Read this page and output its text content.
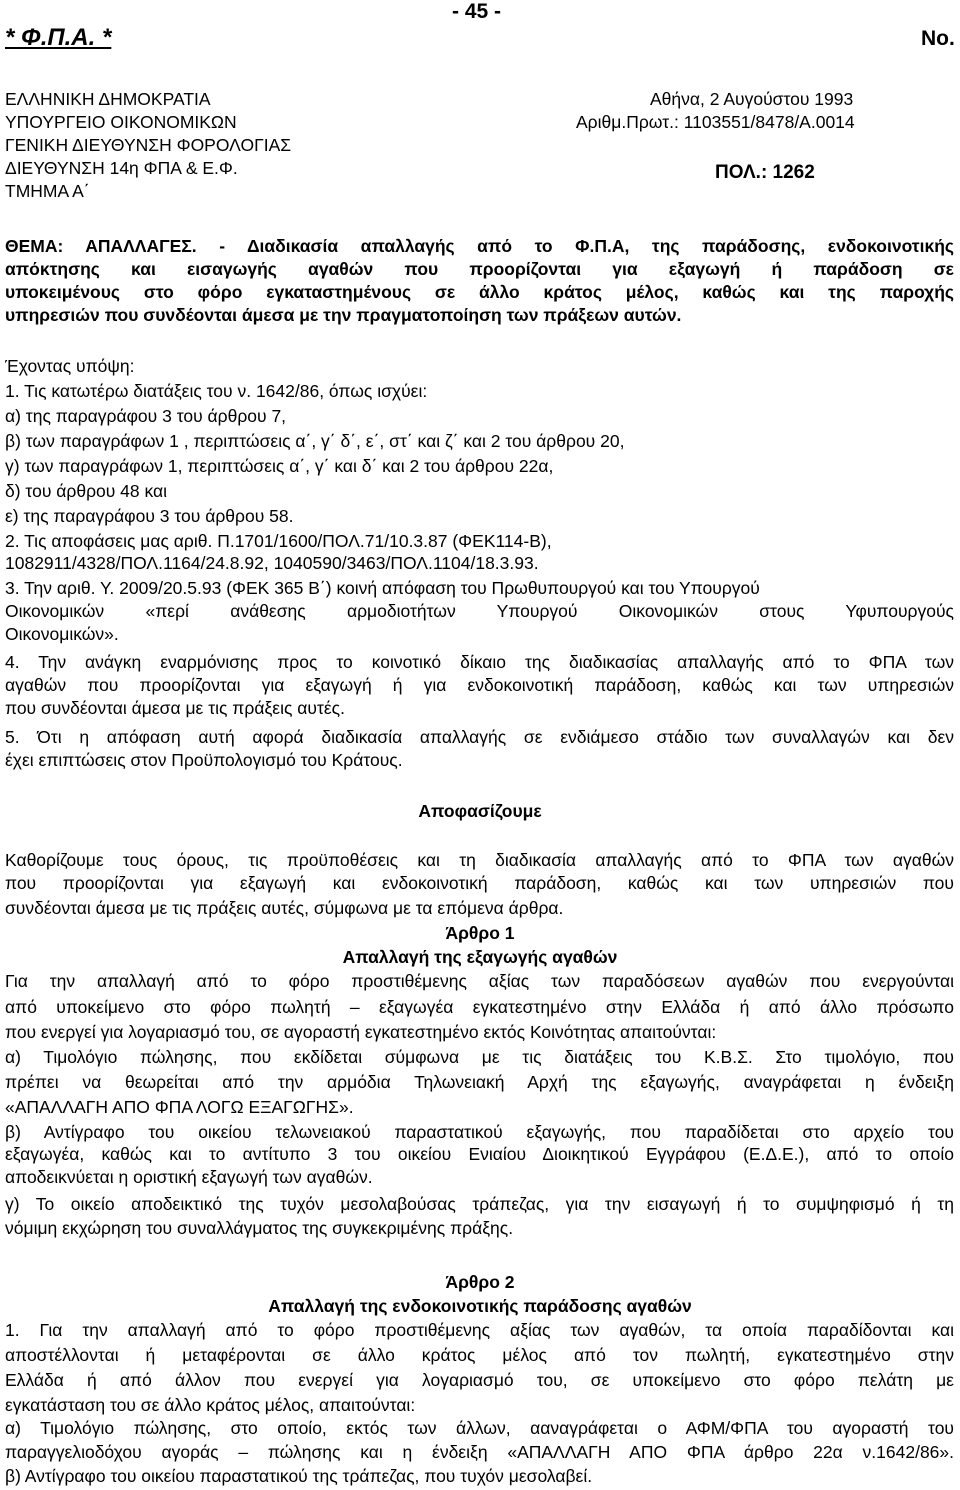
* Φ.Π.Α. *
- 45 -
No.
ΕΛΛΗΝΙΚΗ ΔΗΜΟΚΡΑΤΙΑ
ΥΠΟΥΡΓΕΙΟ ΟΙΚΟΝΟΜΙΚΩΝ
ΓΕΝΙΚΗ ΔΙΕΥΘΥΝΣΗ ΦΟΡΟΛΟΓΙΑΣ
ΔΙΕΥΘΥΝΣΗ 14η ΦΠΑ & Ε.Φ.
ΤΜΗΜΑ Α΄
Αθήνα, 2 Αυγούστου 1993
Αριθμ.Πρωτ.: 1103551/8478/Α.0014
ΠΟΛ.: 1262
ΘΕΜΑ: ΑΠΑΛΛΑΓΕΣ. - Διαδικασία απαλλαγής από το Φ.Π.Α, της παράδοσης, ενδοκοινοτικής
απόκτησης και εισαγωγής αγαθών που προορίζονται για εξαγωγή ή παράδοση σε
υποκειμένους στο φόρο εγκαταστημένους σε άλλο κράτος μέλος, καθώς και της παροχής
υπηρεσιών που συνδέονται άμεσα με την πραγματοποίηση των πράξεων αυτών.
Έχοντας υπόψη:
1. Τις κατωτέρω διατάξεις του ν. 1642/86, όπως ισχύει:
α) της παραγράφου 3 του άρθρου 7,
β) των παραγράφων 1 , περιπτώσεις α΄, γ΄ δ΄, ε΄, στ΄ και ζ΄ και 2 του άρθρου 20,
γ) των παραγράφων 1, περιπτώσεις α΄, γ΄ και δ΄ και 2 του άρθρου 22α,
δ) του άρθρου 48 και
ε) της παραγράφου 3 του άρθρου 58.
2. Τις αποφάσεις μας αριθ. Π.1701/1600/ΠΟΛ.71/10.3.87 (ΦΕΚ114-Β),
1082911/4328/ΠΟΛ.1164/24.8.92, 1040590/3463/ΠΟΛ.1104/18.3.93.
3. Την αριθ. Υ. 2009/20.5.93 (ΦΕΚ 365 Β΄) κοινή απόφαση του Πρωθυπουργού και του Υπουργού
Οικονομικών «περί ανάθεσης αρμοδιοτήτων Υπουργού Οικονομικών στους Υφυπουργούς
Οικονομικών».
4. Την ανάγκη εναρμόνισης προς το κοινοτικό δίκαιο της διαδικασίας απαλλαγής από το ΦΠΑ των
αγαθών που προορίζονται για εξαγωγή ή για ενδοκοινοτική παράδοση, καθώς και των υπηρεσιών
που συνδέονται άμεσα με τις πράξεις αυτές.
5. Ότι η απόφαση αυτή αφορά διαδικασία απαλλαγής σε ενδιάμεσο στάδιο των συναλλαγών και δεν
έχει επιπτώσεις στον Προϋπολογισμό του Κράτους.
Αποφασίζουμε
Καθορίζουμε τους όρους, τις προϋποθέσεις και τη διαδικασία απαλλαγής από το ΦΠΑ των αγαθών
που προορίζονται για εξαγωγή και ενδοκοινοτική παράδοση, καθώς και των υπηρεσιών που
συνδέονται άμεσα με τις πράξεις αυτές, σύμφωνα με τα επόμενα άρθρα.
Άρθρο 1
Απαλλαγή της εξαγωγής αγαθών
Για την απαλλαγή από το φόρο προστιθέμενης αξίας των παραδόσεων αγαθών που ενεργούνται
από υποκείμενο στο φόρο πωλητή – εξαγωγέα εγκατεστημένο στην Ελλάδα ή από άλλο πρόσωπο
που ενεργεί για λογαριασμό του, σε αγοραστή εγκατεστημένο εκτός Κοινότητας απαιτούνται:
α) Τιμολόγιο πώλησης, που εκδίδεται σύμφωνα με τις διατάξεις του Κ.Β.Σ. Στο τιμολόγιο, που
πρέπει να θεωρείται από την αρμόδια Τηλωνειακή Αρχή της εξαγωγής, αναγράφεται η ένδειξη
«ΑΠΑΛΛΑΓΗ ΑΠΟ ΦΠΑ ΛΟΓΩ ΕΞΑΓΩΓΗΣ».
β) Αντίγραφο του οικείου τελωνειακού παραστατικού εξαγωγής, που παραδίδεται στο αρχείο του
εξαγωγέα, καθώς και το αντίτυπο 3 του οικείου Ενιαίου Διοικητικού Εγγράφου (Ε.Δ.Ε.), από το οποίο
αποδεικνύεται η οριστική εξαγωγή των αγαθών.
γ) Το οικείο αποδεικτικό της τυχόν μεσολαβούσας τράπεζας, για την εισαγωγή ή το συμψηφισμό ή τη
νόμιμη εκχώρηση του συναλλάγματος της συγκεκριμένης πράξης.
Άρθρο 2
Απαλλαγή της ενδοκοινοτικής παράδοσης αγαθών
1. Για την απαλλαγή από το φόρο προστιθέμενης αξίας των αγαθών, τα οποία παραδίδονται και
αποστέλλονται ή μεταφέρονται σε άλλο κράτος μέλος από τον πωλητή, εγκατεστημένο στην
Ελλάδα ή από άλλον που ενεργεί για λογαριασμό του, σε υποκείμενο στο φόρο πελάτη με
εγκατάσταση του σε άλλο κράτος μέλος, απαιτούνται:
α) Τιμολόγιο πώλησης, στο οποίο, εκτός των άλλων, ααναγράφεται ο ΑΦΜ/ΦΠΑ του αγοραστή του
παραγγελιοδόχου αγοράς – πώλησης και η ένδειξη «ΑΠΑΛΛΑΓΗ ΑΠΟ ΦΠΑ άρθρο 22α ν.1642/86».
β) Αντίγραφο του οικείου παραστατικού της τράπεζας, που τυχόν μεσολαβεί.
